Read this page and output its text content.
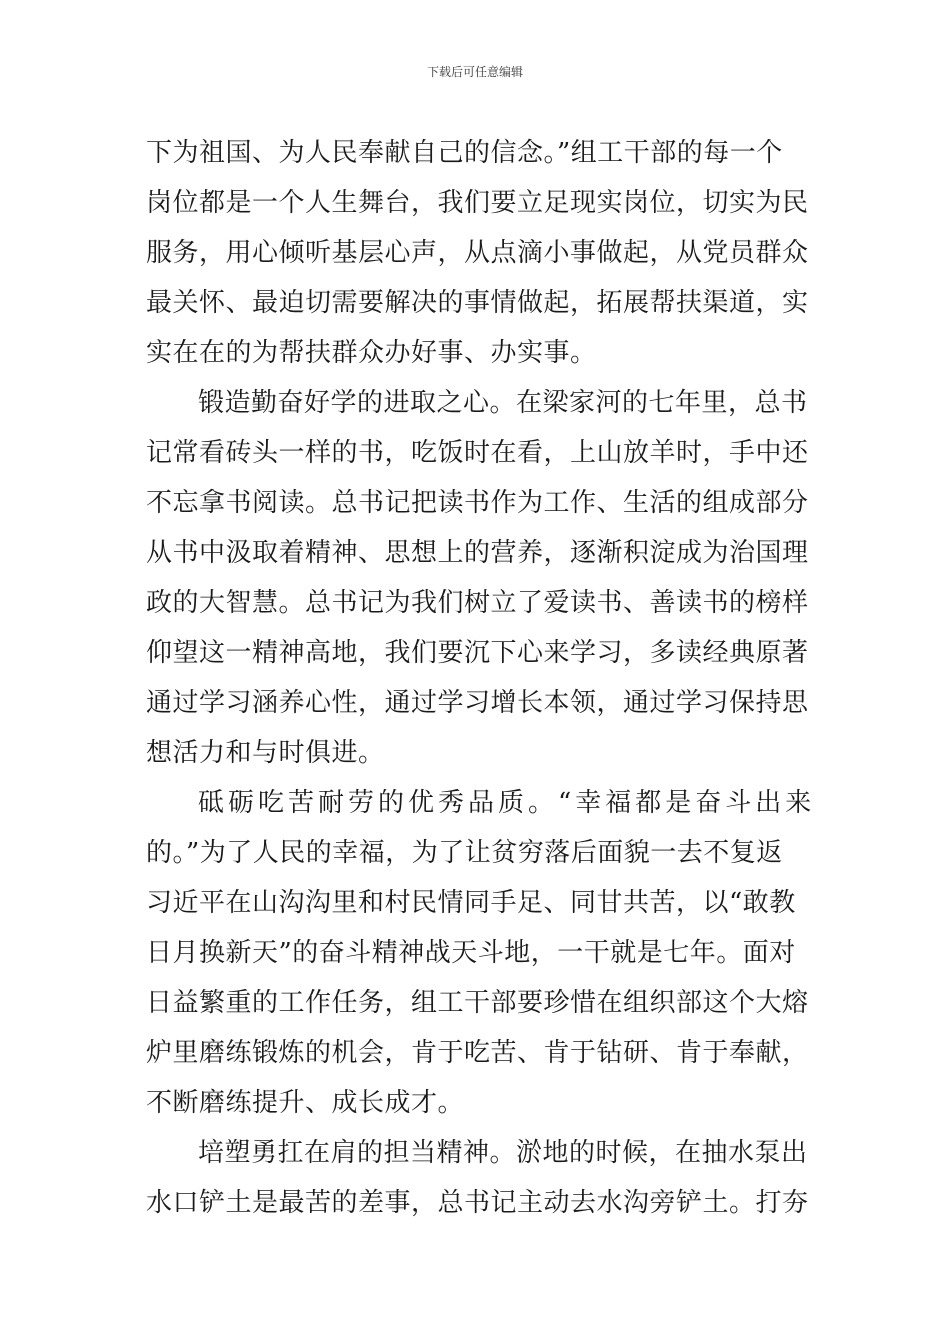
下载后可任意编辑
下为祖国、为人民奉献自己的信念。”组工干部的每一个
岗位都是一个人生舞台，我们要立足现实岗位，切实为民
服务，用心倾听基层心声，从点滴小事做起，从党员群众
最关怀、最迫切需要解决的事情做起，拓展帮扶渠道，实
实在在的为帮扶群众办好事、办实事。
锻造勤奋好学的进取之心。在梁家河的七年里，总书
记常看砖头一样的书，吃饭时在看，上山放羊时，手中还
不忘拿书阅读。总书记把读书作为工作、生活的组成部分
从书中汲取着精神、思想上的营养，逐渐积淀成为治国理
政的大智慧。总书记为我们树立了爱读书、善读书的榜样
仰望这一精神高地，我们要沉下心来学习，多读经典原著
通过学习涵养心性，通过学习增长本领，通过学习保持思
想活力和与时俱进。
砥砺吃苦耐劳的优秀品质。“幸福都是奋斗出来
的。”为了人民的幸福，为了让贫穷落后面貌一去不复返
习近平在山沟沟里和村民情同手足、同甘共苦，以“敢教
日月换新天”的奋斗精神战天斗地，一干就是七年。面对
日益繁重的工作任务，组工干部要珍惜在组织部这个大熔
炉里磨练锻炼的机会，肯于吃苦、肯于钻研、肯于奉献，
不断磨练提升、成长成才。
培塑勇扛在肩的担当精神。淤地的时候，在抽水泵出
水口铲土是最苦的差事，总书记主动去水沟旁铲土。打夯
